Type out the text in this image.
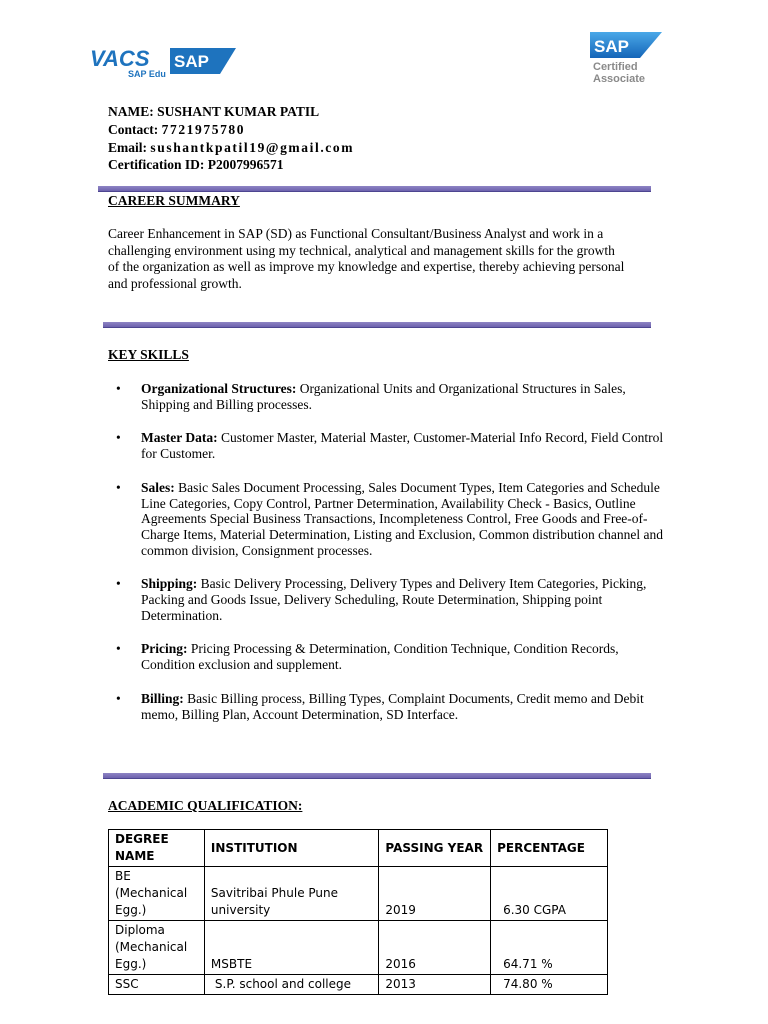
VACS SAP
SAP Edu
SAP
Certified
Associate
NAME: SUSHANT KUMAR PATIL
Contact: 7721975780
Email: sushantkpatil19@gmail.com
Certification ID: P2007996571
CAREER SUMMARY
Career Enhancement in SAP (SD) as Functional Consultant/Business Analyst and work in a challenging environment using my technical, analytical and management skills for the growth of the organization as well as improve my knowledge and expertise, thereby achieving personal and professional growth.
KEY SKILLS
• Organizational Structures: Organizational Units and Organizational Structures in Sales, Shipping and Billing processes.
• Master Data: Customer Master, Material Master, Customer-Material Info Record, Field Control for Customer.
• Sales: Basic Sales Document Processing, Sales Document Types, Item Categories and Schedule Line Categories, Copy Control, Partner Determination, Availability Check - Basics, Outline Agreements Special Business Transactions, Incompleteness Control, Free Goods and Free-of-Charge Items, Material Determination, Listing and Exclusion, Common distribution channel and common division, Consignment processes.
• Shipping: Basic Delivery Processing, Delivery Types and Delivery Item Categories, Picking, Packing and Goods Issue, Delivery Scheduling, Route Determination, Shipping point Determination.
• Pricing: Pricing Processing & Determination, Condition Technique, Condition Records, Condition exclusion and supplement.
• Billing: Basic Billing process, Billing Types, Complaint Documents, Credit memo and Debit memo, Billing Plan, Account Determination, SD Interface.
ACADEMIC QUALIFICATION:
DEGREE NAME	INSTITUTION	PASSING YEAR	PERCENTAGE
BE (Mechanical Egg.)	Savitribai Phule Pune university	2019	6.30 CGPA
Diploma (Mechanical Egg.)	MSBTE	2016	64.71 %
SSC	S.P. school and college	2013	74.80 %
